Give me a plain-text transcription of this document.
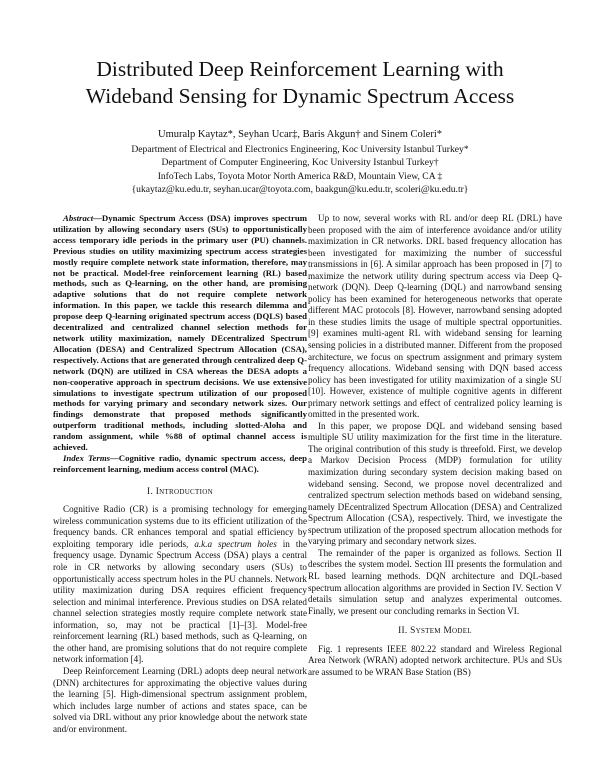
Distributed Deep Reinforcement Learning with
Wideband Sensing for Dynamic Spectrum Access
Umuralp Kaytaz*, Seyhan Ucar‡, Baris Akgun† and Sinem Coleri*
Department of Electrical and Electronics Engineering, Koc University Istanbul Turkey*
Department of Computer Engineering, Koc University Istanbul Turkey†
InfoTech Labs, Toyota Motor North America R&D, Mountain View, CA ‡
{ukaytaz@ku.edu.tr, seyhan.ucar@toyota.com, baakgun@ku.edu.tr, scoleri@ku.edu.tr}

Abstract—Dynamic Spectrum Access (DSA) improves spectrum utilization by allowing secondary users (SUs) to opportunistically access temporary idle periods in the primary user (PU) channels. Previous studies on utility maximizing spectrum access strategies mostly require complete network state information, therefore, may not be practical. Model-free reinforcement learning (RL) based methods, such as Q-learning, on the other hand, are promising adaptive solutions that do not require complete network information. In this paper, we tackle this research dilemma and propose deep Q-learning originated spectrum access (DQLS) based decentralized and centralized channel selection methods for network utility maximization, namely DEcentralized Spectrum Allocation (DESA) and Centralized Spectrum Allocation (CSA), respectively. Actions that are generated through centralized deep Q-network (DQN) are utilized in CSA whereas the DESA adopts a non-cooperative approach in spectrum decisions. We use extensive simulations to investigate spectrum utilization of our proposed methods for varying primary and secondary network sizes. Our findings demonstrate that proposed methods significantly outperform traditional methods, including slotted-Aloha and random assignment, while %88 of optimal channel access is achieved.

Index Terms—Cognitive radio, dynamic spectrum access, deep reinforcement learning, medium access control (MAC).

I. Introduction

Cognitive Radio (CR) is a promising technology for emerging wireless communication systems due to its efficient utilization of the frequency bands. CR enhances temporal and spatial efficiency by exploiting temporary idle periods, a.k.a spectrum holes in the frequency usage. Dynamic Spectrum Access (DSA) plays a central role in CR networks by allowing secondary users (SUs) to opportunistically access spectrum holes in the PU channels. Network utility maximization during DSA requires efficient frequency selection and minimal interference. Previous studies on DSA related channel selection strategies mostly require complete network state information, so, may not be practical [1]–[3]. Model-free reinforcement learning (RL) based methods, such as Q-learning, on the other hand, are promising solutions that do not require complete network information [4].

Deep Reinforcement Learning (DRL) adopts deep neural network (DNN) architectures for approximating the objective values during the learning [5]. High-dimensional spectrum assignment problem, which includes large number of actions and states space, can be solved via DRL without any prior knowledge about the network state and/or environment.

Up to now, several works with RL and/or deep RL (DRL) have been proposed with the aim of interference avoidance and/or utility maximization in CR networks. DRL based frequency allocation has been investigated for maximizing the number of successful transmissions in [6]. A similar approach has been proposed in [7] to maximize the network utility during spectrum access via Deep Q-network (DQN). Deep Q-learning (DQL) and narrowband sensing policy has been examined for heterogeneous networks that operate different MAC protocols [8]. However, narrowband sensing adopted in these studies limits the usage of multiple spectral opportunities. [9] examines multi-agent RL with wideband sensing for learning sensing policies in a distributed manner. Different from the proposed architecture, we focus on spectrum assignment and primary system frequency allocations. Wideband sensing with DQN based access policy has been investigated for utility maximization of a single SU [10]. However, existence of multiple cognitive agents in different primary network settings and effect of centralized policy learning is omitted in the presented work.

In this paper, we propose DQL and wideband sensing based multiple SU utility maximization for the first time in the literature. The original contribution of this study is threefold. First, we develop a Markov Decision Process (MDP) formulation for utility maximization during secondary system decision making based on wideband sensing. Second, we propose novel decentralized and centralized spectrum selection methods based on wideband sensing, namely DEcentralized Spectrum Allocation (DESA) and Centralized Spectrum Allocation (CSA), respectively. Third, we investigate the spectrum utilization of the proposed spectrum allocation methods for varying primary and secondary network sizes.

The remainder of the paper is organized as follows. Section II describes the system model. Section III presents the formulation and RL based learning methods. DQN architecture and DQL-based spectrum allocation algorithms are provided in Section IV. Section V details simulation setup and analyzes experimental outcomes. Finally, we present our concluding remarks in Section VI.

II. System Model

Fig. 1 represents IEEE 802.22 standard and Wireless Regional Area Network (WRAN) adopted network architecture. PUs and SUs are assumed to be WRAN Base Station (BS)
